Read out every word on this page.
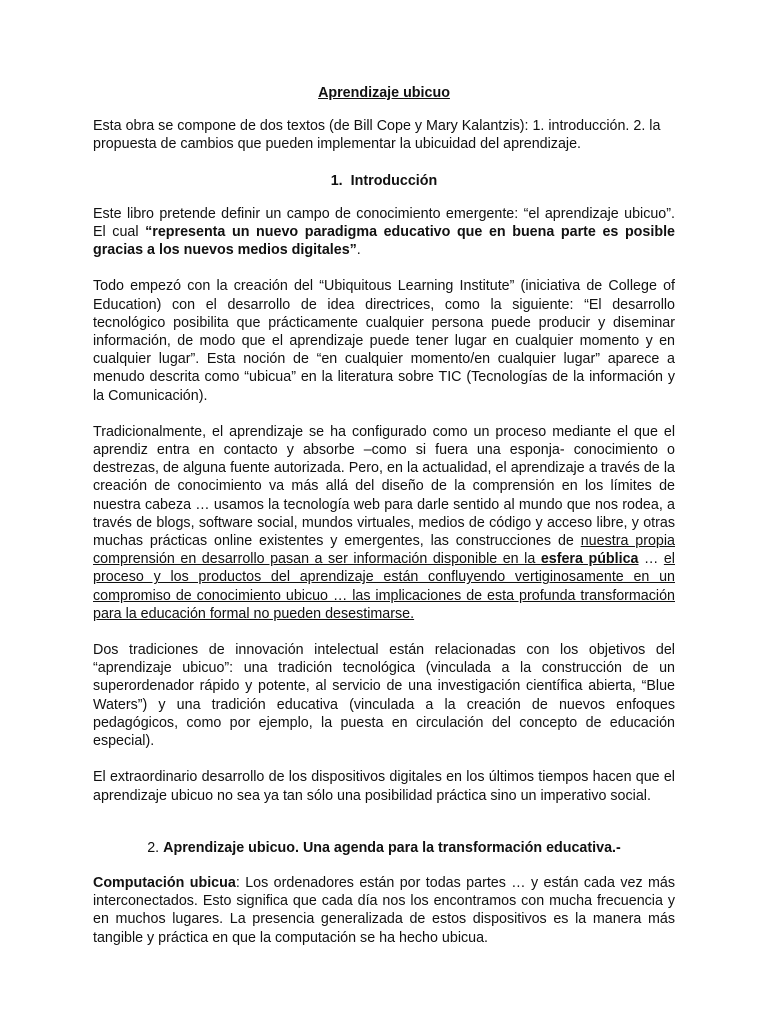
Aprendizaje ubicuo

Esta obra se compone de dos textos (de Bill Cope y Mary Kalantzis): 1. introducción. 2. la propuesta de cambios que pueden implementar la ubicuidad del aprendizaje.

1. Introducción

Este libro pretende definir un campo de conocimiento emergente: “el aprendizaje ubicuo”. El cual “representa un nuevo paradigma educativo que en buena parte es posible gracias a los nuevos medios digitales”.

Todo empezó con la creación del “Ubiquitous Learning Institute” (iniciativa de College of Education) con el desarrollo de idea directrices, como la siguiente: “El desarrollo tecnológico posibilita que prácticamente cualquier persona puede producir y diseminar información, de modo que el aprendizaje puede tener lugar en cualquier momento y en cualquier lugar”. Esta noción de “en cualquier momento/en cualquier lugar” aparece a menudo descrita como “ubicua” en la literatura sobre TIC (Tecnologías de la información y la Comunicación).

Tradicionalmente, el aprendizaje se ha configurado como un proceso mediante el que el aprendiz entra en contacto y absorbe –como si fuera una esponja- conocimiento o destrezas, de alguna fuente autorizada. Pero, en la actualidad, el aprendizaje a través de la creación de conocimiento va más allá del diseño de la comprensión en los límites de nuestra cabeza … usamos la tecnología web para darle sentido al mundo que nos rodea, a través de blogs, software social, mundos virtuales, medios de código y acceso libre, y otras muchas prácticas online existentes y emergentes, las construcciones de nuestra propia comprensión en desarrollo pasan a ser información disponible en la esfera pública … el proceso y los productos del aprendizaje están confluyendo vertiginosamente en un compromiso de conocimiento ubicuo … las implicaciones de esta profunda transformación para la educación formal no pueden desestimarse.

Dos tradiciones de innovación intelectual están relacionadas con los objetivos del “aprendizaje ubicuo”: una tradición tecnológica (vinculada a la construcción de un superordenador rápido y potente, al servicio de una investigación científica abierta, “Blue Waters”) y una tradición educativa (vinculada a la creación de nuevos enfoques pedagógicos, como por ejemplo, la puesta en circulación del concepto de educación especial).

El extraordinario desarrollo de los dispositivos digitales en los últimos tiempos hacen que el aprendizaje ubicuo no sea ya tan sólo una posibilidad práctica sino un imperativo social.

2. Aprendizaje ubicuo. Una agenda para la transformación educativa.-

Computación ubicua: Los ordenadores están por todas partes … y están cada vez más interconectados. Esto significa que cada día nos los encontramos con mucha frecuencia y en muchos lugares. La presencia generalizada de estos dispositivos es la manera más tangible y práctica en que la computación se ha hecho ubicua.
